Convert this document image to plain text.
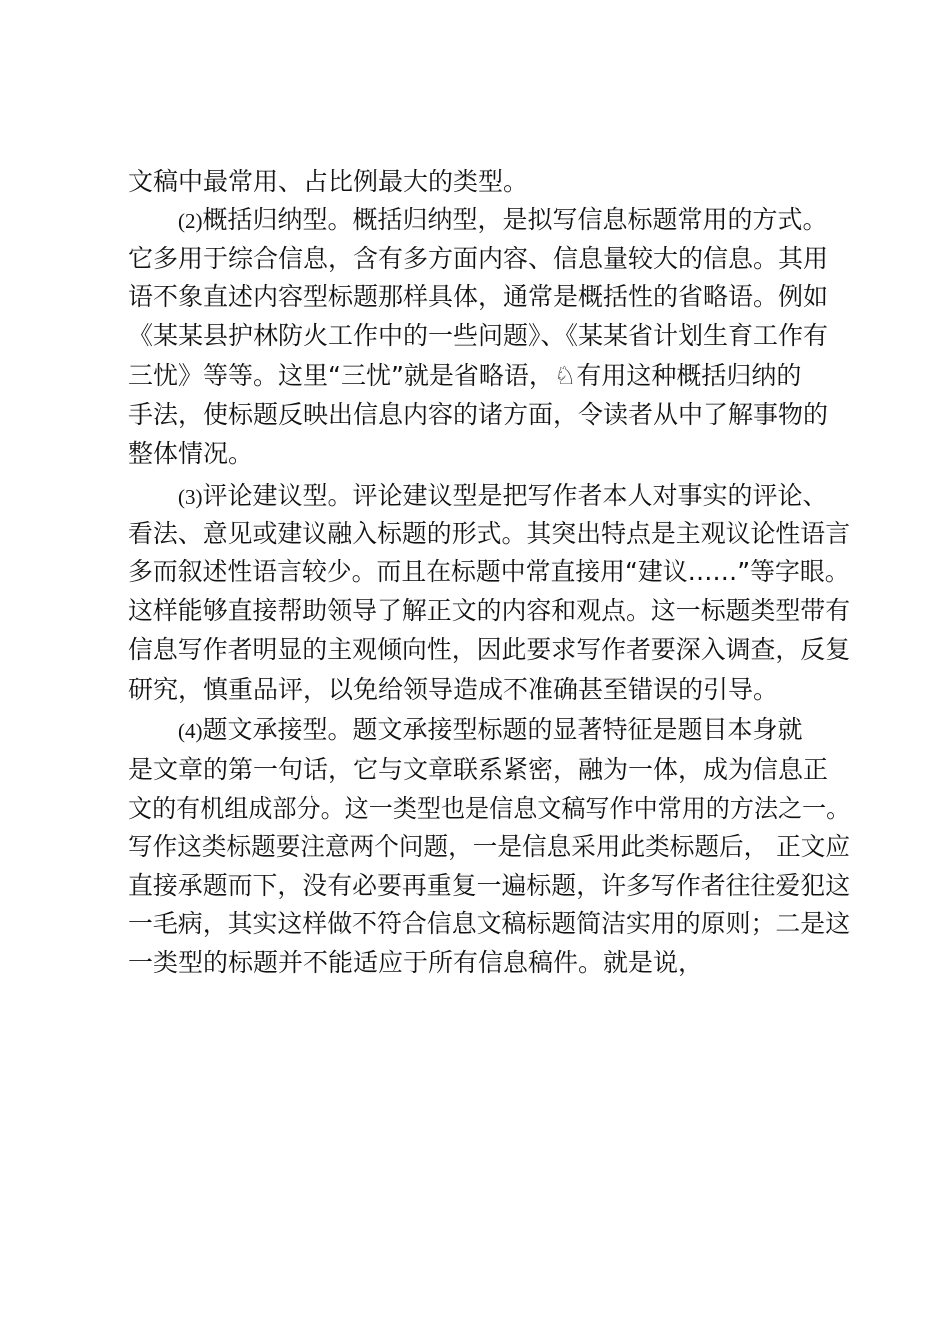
文稿中最常用、占比例最大的类型。
(2)概括归纳型。概括归纳型，是拟写信息标题常用的方式。
它多用于综合信息，含有多方面内容、信息量较大的信息。其用
语不象直述内容型标题那样具体，通常是概括性的省略语。例如
《某某县护林防火工作中的一些问题》、《某某省计划生育工作有
三忧》等等。这里“三忧”就是省略语，♘有用这种概括归纳的
手法，使标题反映出信息内容的诸方面，令读者从中了解事物的
整体情况。
(3)评论建议型。评论建议型是把写作者本人对事实的评论、
看法、意见或建议融入标题的形式。其突出特点是主观议论性语言
多而叙述性语言较少。而且在标题中常直接用“建议……”等字眼。
这样能够直接帮助领导了解正文的内容和观点。这一标题类型带有
信息写作者明显的主观倾向性，因此要求写作者要深入调查，反复
研究，慎重品评，以免给领导造成不准确甚至错误的引导。
(4)题文承接型。题文承接型标题的显著特征是题目本身就
是文章的第一句话，它与文章联系紧密，融为一体，成为信息正
文的有机组成部分。这一类型也是信息文稿写作中常用的方法之一。
写作这类标题要注意两个问题，一是信息采用此类标题后， 正文应
直接承题而下，没有必要再重复一遍标题，许多写作者往往爱犯这
一毛病，其实这样做不符合信息文稿标题简洁实用的原则；二是这
一类型的标题并不能适应于所有信息稿件。就是说，
